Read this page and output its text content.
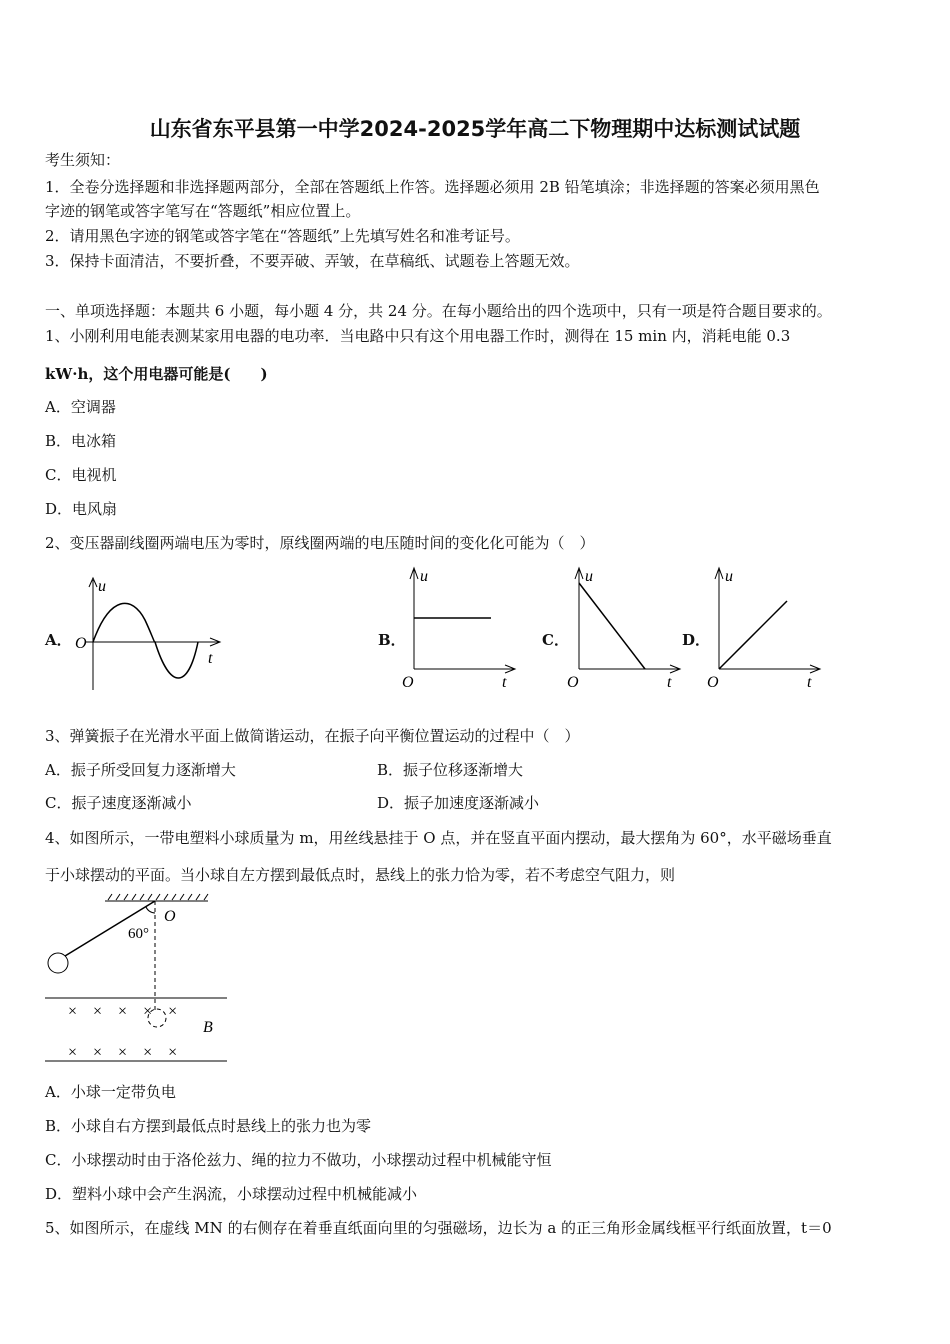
山东省东平县第一中学2024-2025学年高二下物理期中达标测试试题
考生须知：
1．全卷分选择题和非选择题两部分，全部在答题纸上作答。选择题必须用 2B 铅笔填涂；非选择题的答案必须用黑色
字迹的钢笔或答字笔写在“答题纸”相应位置上。
2．请用黑色字迹的钢笔或答字笔在“答题纸”上先填写姓名和准考证号。
3．保持卡面清洁，不要折叠，不要弄破、弄皱，在草稿纸、试题卷上答题无效。
一、单项选择题：本题共 6 小题，每小题 4 分，共 24 分。在每小题给出的四个选项中，只有一项是符合题目要求的。
1、小刚利用电能表测某家用电器的电功率．当电路中只有这个用电器工作时，测得在 15 min 内，消耗电能 0.3
kW·h，这个用电器可能是(　　)
A．空调器
B．电冰箱
C．电视机
D．电风扇
2、变压器副线圈两端电压为零时，原线圈两端的电压随时间的变化化可能为（　）
A．
u
O
t
B．
u
O	t
C．
u
O	t
D．
u
O	t
3、弹簧振子在光滑水平面上做简谐运动，在振子向平衡位置运动的过程中（　）
A．振子所受回复力逐渐增大	B．振子位移逐渐增大
C．振子速度逐渐减小	D．振子加速度逐渐减小
4、如图所示，一带电塑料小球质量为 m，用丝线悬挂于 O 点，并在竖直平面内摆动，最大摆角为 60°，水平磁场垂直
于小球摆动的平面。当小球自左方摆到最低点时，悬线上的张力恰为零，若不考虑空气阻力，则
×　×　×　×　×
×　×　×　×　×
O
60°
B
A．小球一定带负电
B．小球自右方摆到最低点时悬线上的张力也为零
C．小球摆动时由于洛伦兹力、绳的拉力不做功，小球摆动过程中机械能守恒
D．塑料小球中会产生涡流，小球摆动过程中机械能减小
5、如图所示，在虚线 MN 的右侧存在着垂直纸面向里的匀强磁场，边长为 a 的正三角形金属线框平行纸面放置，t＝0
